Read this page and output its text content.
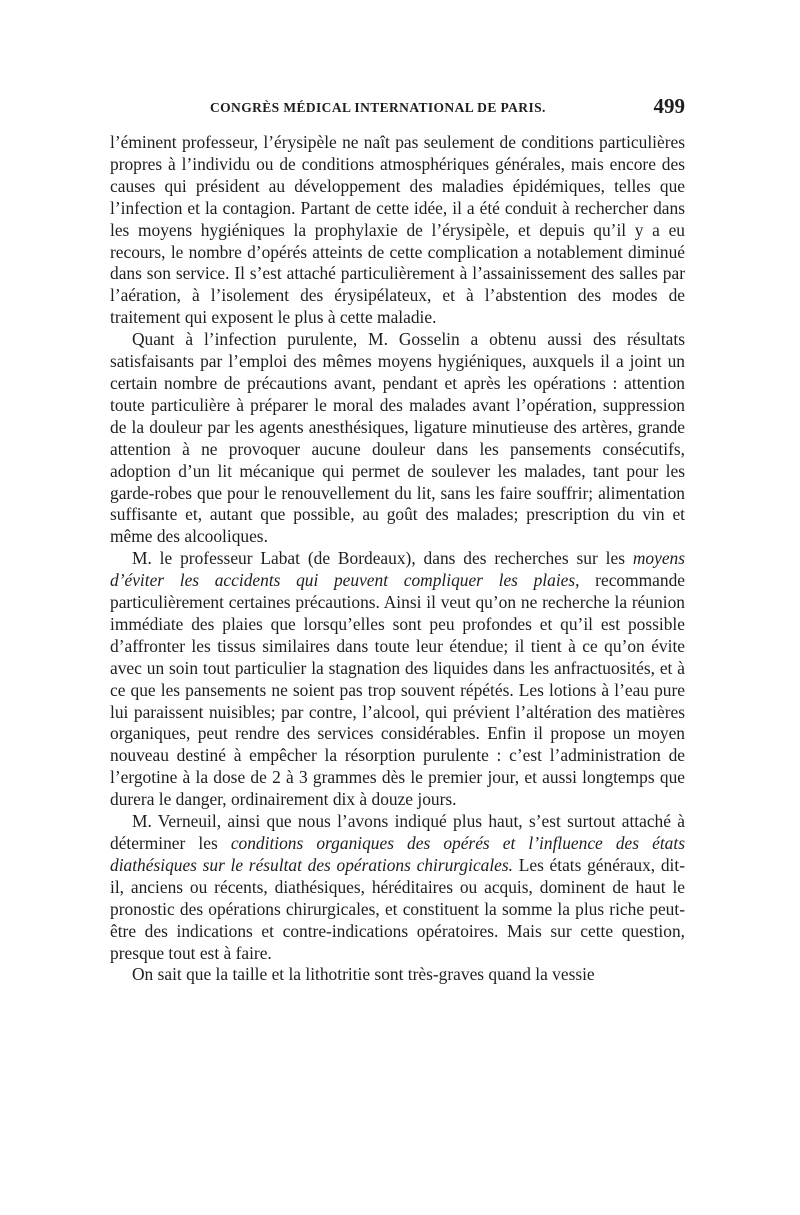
CONGRÈS MÉDICAL INTERNATIONAL DE PARIS.	499

l’éminent professeur, l’érysipèle ne naît pas seulement de conditions particulières propres à l’individu ou de conditions atmosphériques générales, mais encore des causes qui président au développement des maladies épidémiques, telles que l’infection et la contagion. Partant de cette idée, il a été conduit à rechercher dans les moyens hygiéniques la prophylaxie de l’érysipèle, et depuis qu’il y a eu recours, le nombre d’opérés atteints de cette complication a notablement diminué dans son service. Il s’est attaché particulièrement à l’assainissement des salles par l’aération, à l’isolement des érysipélateux, et à l’abstention des modes de traitement qui exposent le plus à cette maladie.

Quant à l’infection purulente, M. Gosselin a obtenu aussi des résultats satisfaisants par l’emploi des mêmes moyens hygiéniques, auxquels il a joint un certain nombre de précautions avant, pendant et après les opérations : attention toute particulière à préparer le moral des malades avant l’opération, suppression de la douleur par les agents anesthésiques, ligature minutieuse des artères, grande attention à ne provoquer aucune douleur dans les pansements consécutifs, adoption d’un lit mécanique qui permet de soulever les malades, tant pour les garde-robes que pour le renouvellement du lit, sans les faire souffrir; alimentation suffisante et, autant que possible, au goût des malades; prescription du vin et même des alcooliques.

M. le professeur Labat (de Bordeaux), dans des recherches sur les moyens d’éviter les accidents qui peuvent compliquer les plaies, recommande particulièrement certaines précautions. Ainsi il veut qu’on ne recherche la réunion immédiate des plaies que lorsqu’elles sont peu profondes et qu’il est possible d’affronter les tissus similaires dans toute leur étendue; il tient à ce qu’on évite avec un soin tout particulier la stagnation des liquides dans les anfractuosités, et à ce que les pansements ne soient pas trop souvent répétés. Les lotions à l’eau pure lui paraissent nuisibles; par contre, l’alcool, qui prévient l’altération des matières organiques, peut rendre des services considérables. Enfin il propose un moyen nouveau destiné à empêcher la résorption purulente : c’est l’administration de l’ergotine à la dose de 2 à 3 grammes dès le premier jour, et aussi longtemps que durera le danger, ordinairement dix à douze jours.

M. Verneuil, ainsi que nous l’avons indiqué plus haut, s’est surtout attaché à déterminer les conditions organiques des opérés et l’influence des états diathésiques sur le résultat des opérations chirurgicales. Les états généraux, dit-il, anciens ou récents, diathésiques, héréditaires ou acquis, dominent de haut le pronostic des opérations chirurgicales, et constituent la somme la plus riche peut-être des indications et contre-indications opératoires. Mais sur cette question, presque tout est à faire.

On sait que la taille et la lithotritie sont très-graves quand la vessie
